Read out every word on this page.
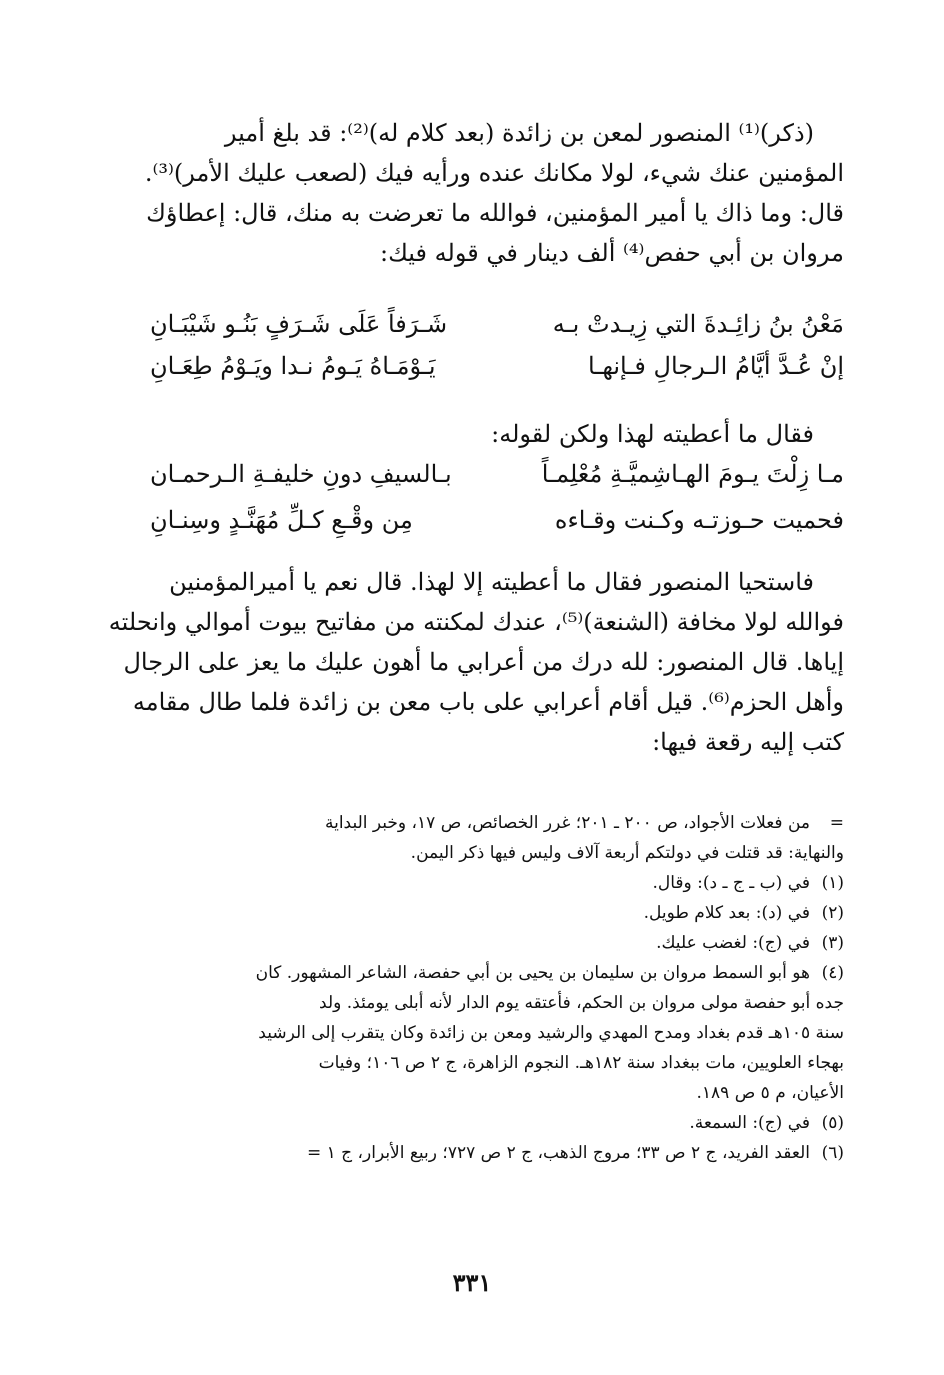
(ذكر)⁽¹⁾ المنصور لمعن بن زائدة (بعد كلام له)⁽²⁾: قد بلغ أمير
المؤمنين عنك شيء، لولا مكانك عنده ورأيه فيك (لصعب عليك الأمر)⁽³⁾.
قال: وما ذاك يا أمير المؤمنين، فوالله ما تعرضت به منك، قال: إعطاؤك
مروان بن أبي حفص⁽⁴⁾ ألف دينار في قوله فيك:
مَعْنُ بنُ زائِـدةَ التي زِيـدتْ بـه
شَـرَفاً عَلَى شَـرَفٍ بَنُـو شَيْبَـانِ
إنْ عُـدَّ أيَّامُ الـرجالِ فـإنهـا
يَـوْمَـاهُ يَـومُ نـدا ويَـوْمُ طِعَـانِ
فقال ما أعطيته لهذا ولكن لقوله:
مـا زِلْتَ يـومَ الهـاشِميَّـةِ مُعْلِمـاً
بـالسيفِ دونِ خليفـةِ الـرحمـان
فحميت حـوزتـه وكـنت وقـاءه
مِن وقْـعِ كـلِّ مُهَنَّـدٍ وسِنـانِ
فاستحيا المنصور فقال ما أعطيته إلا لهذا. قال نعم يا أميرالمؤمنين
فوالله لولا مخافة (الشنعة)⁽⁵⁾، عندك لمكنته من مفاتيح بيوت أموالي وانحلته
إياها. قال المنصور: لله درك من أعرابي ما أهون عليك ما يعز على الرجال
وأهل الحزم⁽⁶⁾. قيل أقام أعرابي على باب معن بن زائدة فلما طال مقامه
كتب إليه رقعة فيها:
=
من فعلات الأجواد، ص ٢٠٠ ـ ٢٠١؛ غرر الخصائص، ص ١٧، وخبر البداية
والنهاية: قد قتلت في دولتكم أربعة آلاف وليس فيها ذكر اليمن.
(١)
في (ب ـ ج ـ د): وقال.
(٢)
في (د): بعد كلام طويل.
(٣)
في (ج): لغضب عليك.
(٤)
هو أبو السمط مروان بن سليمان بن يحيى بن أبي حفصة، الشاعر المشهور. كان
جده أبو حفصة مولى مروان بن الحكم، فأعتقه يوم الدار لأنه أبلى يومئذ. ولد
سنة ١٠٥هـ قدم بغداد ومدح المهدي والرشيد ومعن بن زائدة وكان يتقرب إلى الرشيد
بهجاء العلويين، مات ببغداد سنة ١٨٢هـ. النجوم الزاهرة، ج ٢ ص ١٠٦؛ وفيات
الأعيان، م ٥ ص ١٨٩.
(٥)
في (ج): السمعة.
(٦)
العقد الفريد، ج ٢ ص ٣٣؛ مروج الذهب، ج ٢ ص ٧٢٧؛ ربيع الأبرار، ج ١ =
٣٣١
